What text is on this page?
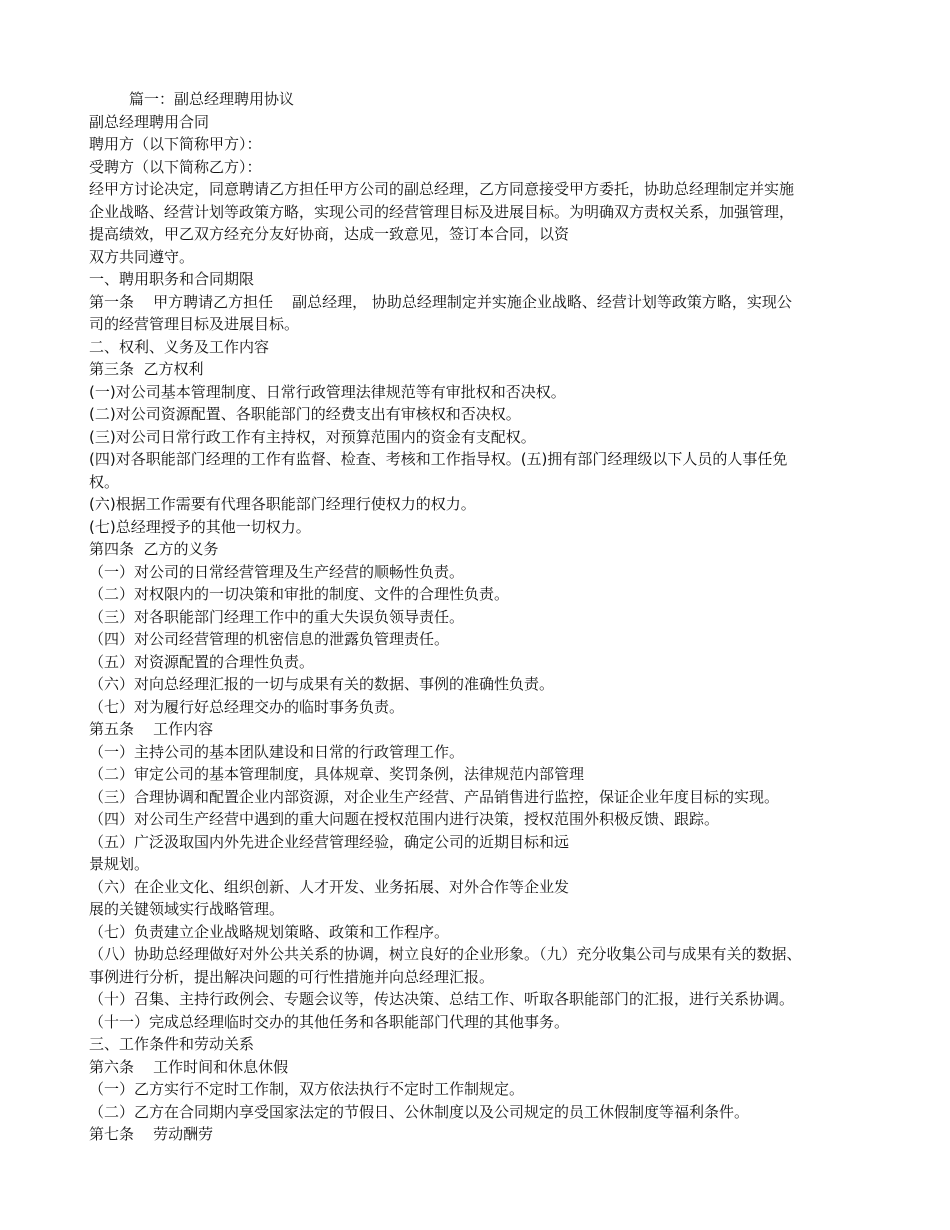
篇一：副总经理聘用协议
副总经理聘用合同
聘用方（以下简称甲方）：
受聘方（以下简称乙方）：
经甲方讨论决定，同意聘请乙方担任甲方公司的副总经理，乙方同意接受甲方委托，协助总经理制定并实施
企业战略、经营计划等政策方略，实现公司的经营管理目标及进展目标。为明确双方责权关系，加强管理，
提高绩效，甲乙双方经充分友好协商，达成一致意见，签订本合同，以资
双方共同遵守。
一、聘用职务和合同期限
第一条    甲方聘请乙方担任    副总经理， 协助总经理制定并实施企业战略、经营计划等政策方略，实现公
司的经营管理目标及进展目标。
二、权利、义务及工作内容
第三条  乙方权利
(一)对公司基本管理制度、日常行政管理法律规范等有审批权和否决权。
(二)对公司资源配置、各职能部门的经费支出有审核权和否决权。
(三)对公司日常行政工作有主持权，对预算范围内的资金有支配权。
(四)对各职能部门经理的工作有监督、检查、考核和工作指导权。(五)拥有部门经理级以下人员的人事任免
权。
(六)根据工作需要有代理各职能部门经理行使权力的权力。
(七)总经理授予的其他一切权力。
第四条  乙方的义务
（一）对公司的日常经营管理及生产经营的顺畅性负责。
（二）对权限内的一切决策和审批的制度、文件的合理性负责。
（三）对各职能部门经理工作中的重大失误负领导责任。
（四）对公司经营管理的机密信息的泄露负管理责任。
（五）对资源配置的合理性负责。
（六）对向总经理汇报的一切与成果有关的数据、事例的准确性负责。
（七）对为履行好总经理交办的临时事务负责。
第五条    工作内容
（一）主持公司的基本团队建设和日常的行政管理工作。
（二）审定公司的基本管理制度，具体规章、奖罚条例，法律规范内部管理
（三）合理协调和配置企业内部资源，对企业生产经营、产品销售进行监控，保证企业年度目标的实现。
（四）对公司生产经营中遇到的重大问题在授权范围内进行决策，授权范围外积极反馈、跟踪。
（五）广泛汲取国内外先进企业经营管理经验，确定公司的近期目标和远
景规划。
（六）在企业文化、组织创新、人才开发、业务拓展、对外合作等企业发
展的关键领域实行战略管理。
（七）负责建立企业战略规划策略、政策和工作程序。
（八）协助总经理做好对外公共关系的协调，树立良好的企业形象。（九）充分收集公司与成果有关的数据、
事例进行分析，提出解决问题的可行性措施并向总经理汇报。
（十）召集、主持行政例会、专题会议等，传达决策、总结工作、听取各职能部门的汇报，进行关系协调。
（十一）完成总经理临时交办的其他任务和各职能部门代理的其他事务。
三、工作条件和劳动关系
第六条    工作时间和休息休假
（一）乙方实行不定时工作制，双方依法执行不定时工作制规定。
（二）乙方在合同期内享受国家法定的节假日、公休制度以及公司规定的员工休假制度等福利条件。
第七条    劳动酬劳
